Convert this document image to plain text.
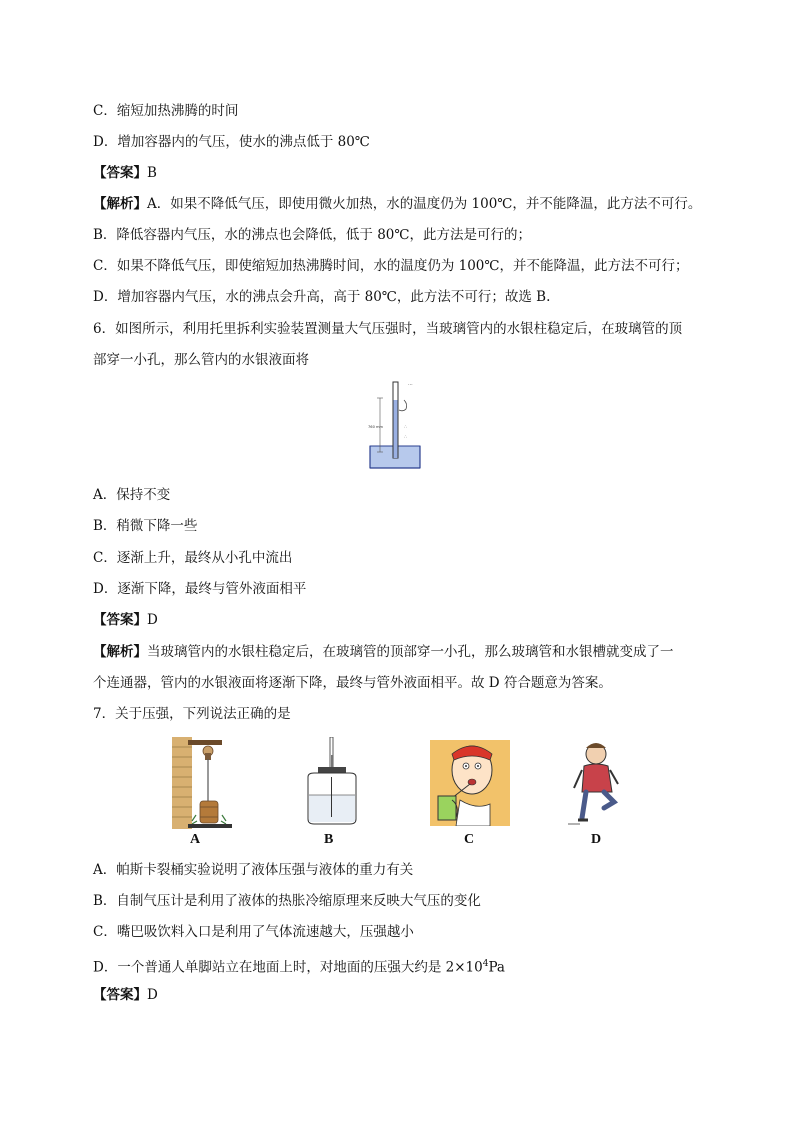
C．缩短加热沸腾的时间
D．增加容器内的气压，使水的沸点低于 80℃
【答案】B
【解析】A．如果不降低气压，即使用微火加热，水的温度仍为 100℃，并不能降温，此方法不可行。
B．降低容器内气压，水的沸点也会降低，低于 80℃，此方法是可行的；
C．如果不降低气压，即使缩短加热沸腾时间，水的温度仍为 100℃，并不能降温，此方法不可行；
D．增加容器内气压，水的沸点会升高，高于 80℃，此方法不可行；故选 B.
6．如图所示，利用托里拆利实验装置测量大气压强时，当玻璃管内的水银柱稳定后，在玻璃管的顶
部穿一小孔，那么管内的水银液面将
760 mm
⋯
∴
∴
A．保持不变
B．稍微下降一些
C．逐渐上升，最终从小孔中流出
D．逐渐下降，最终与管外液面相平
【答案】D
【解析】当玻璃管内的水银柱稳定后，在玻璃管的顶部穿一小孔，那么玻璃管和水银槽就变成了一
个连通器，管内的水银液面将逐渐下降，最终与管外液面相平。故 D 符合题意为答案。
7．关于压强，下列说法正确的是
A	B	C	D
A．帕斯卡裂桶实验说明了液体压强与液体的重力有关
B．自制气压计是利用了液体的热胀冷缩原理来反映大气压的变化
C．嘴巴吸饮料入口是利用了气体流速越大，压强越小
D．一个普通人单脚站立在地面上时，对地面的压强大约是 $2\times 10^4Pa$
【答案】D
